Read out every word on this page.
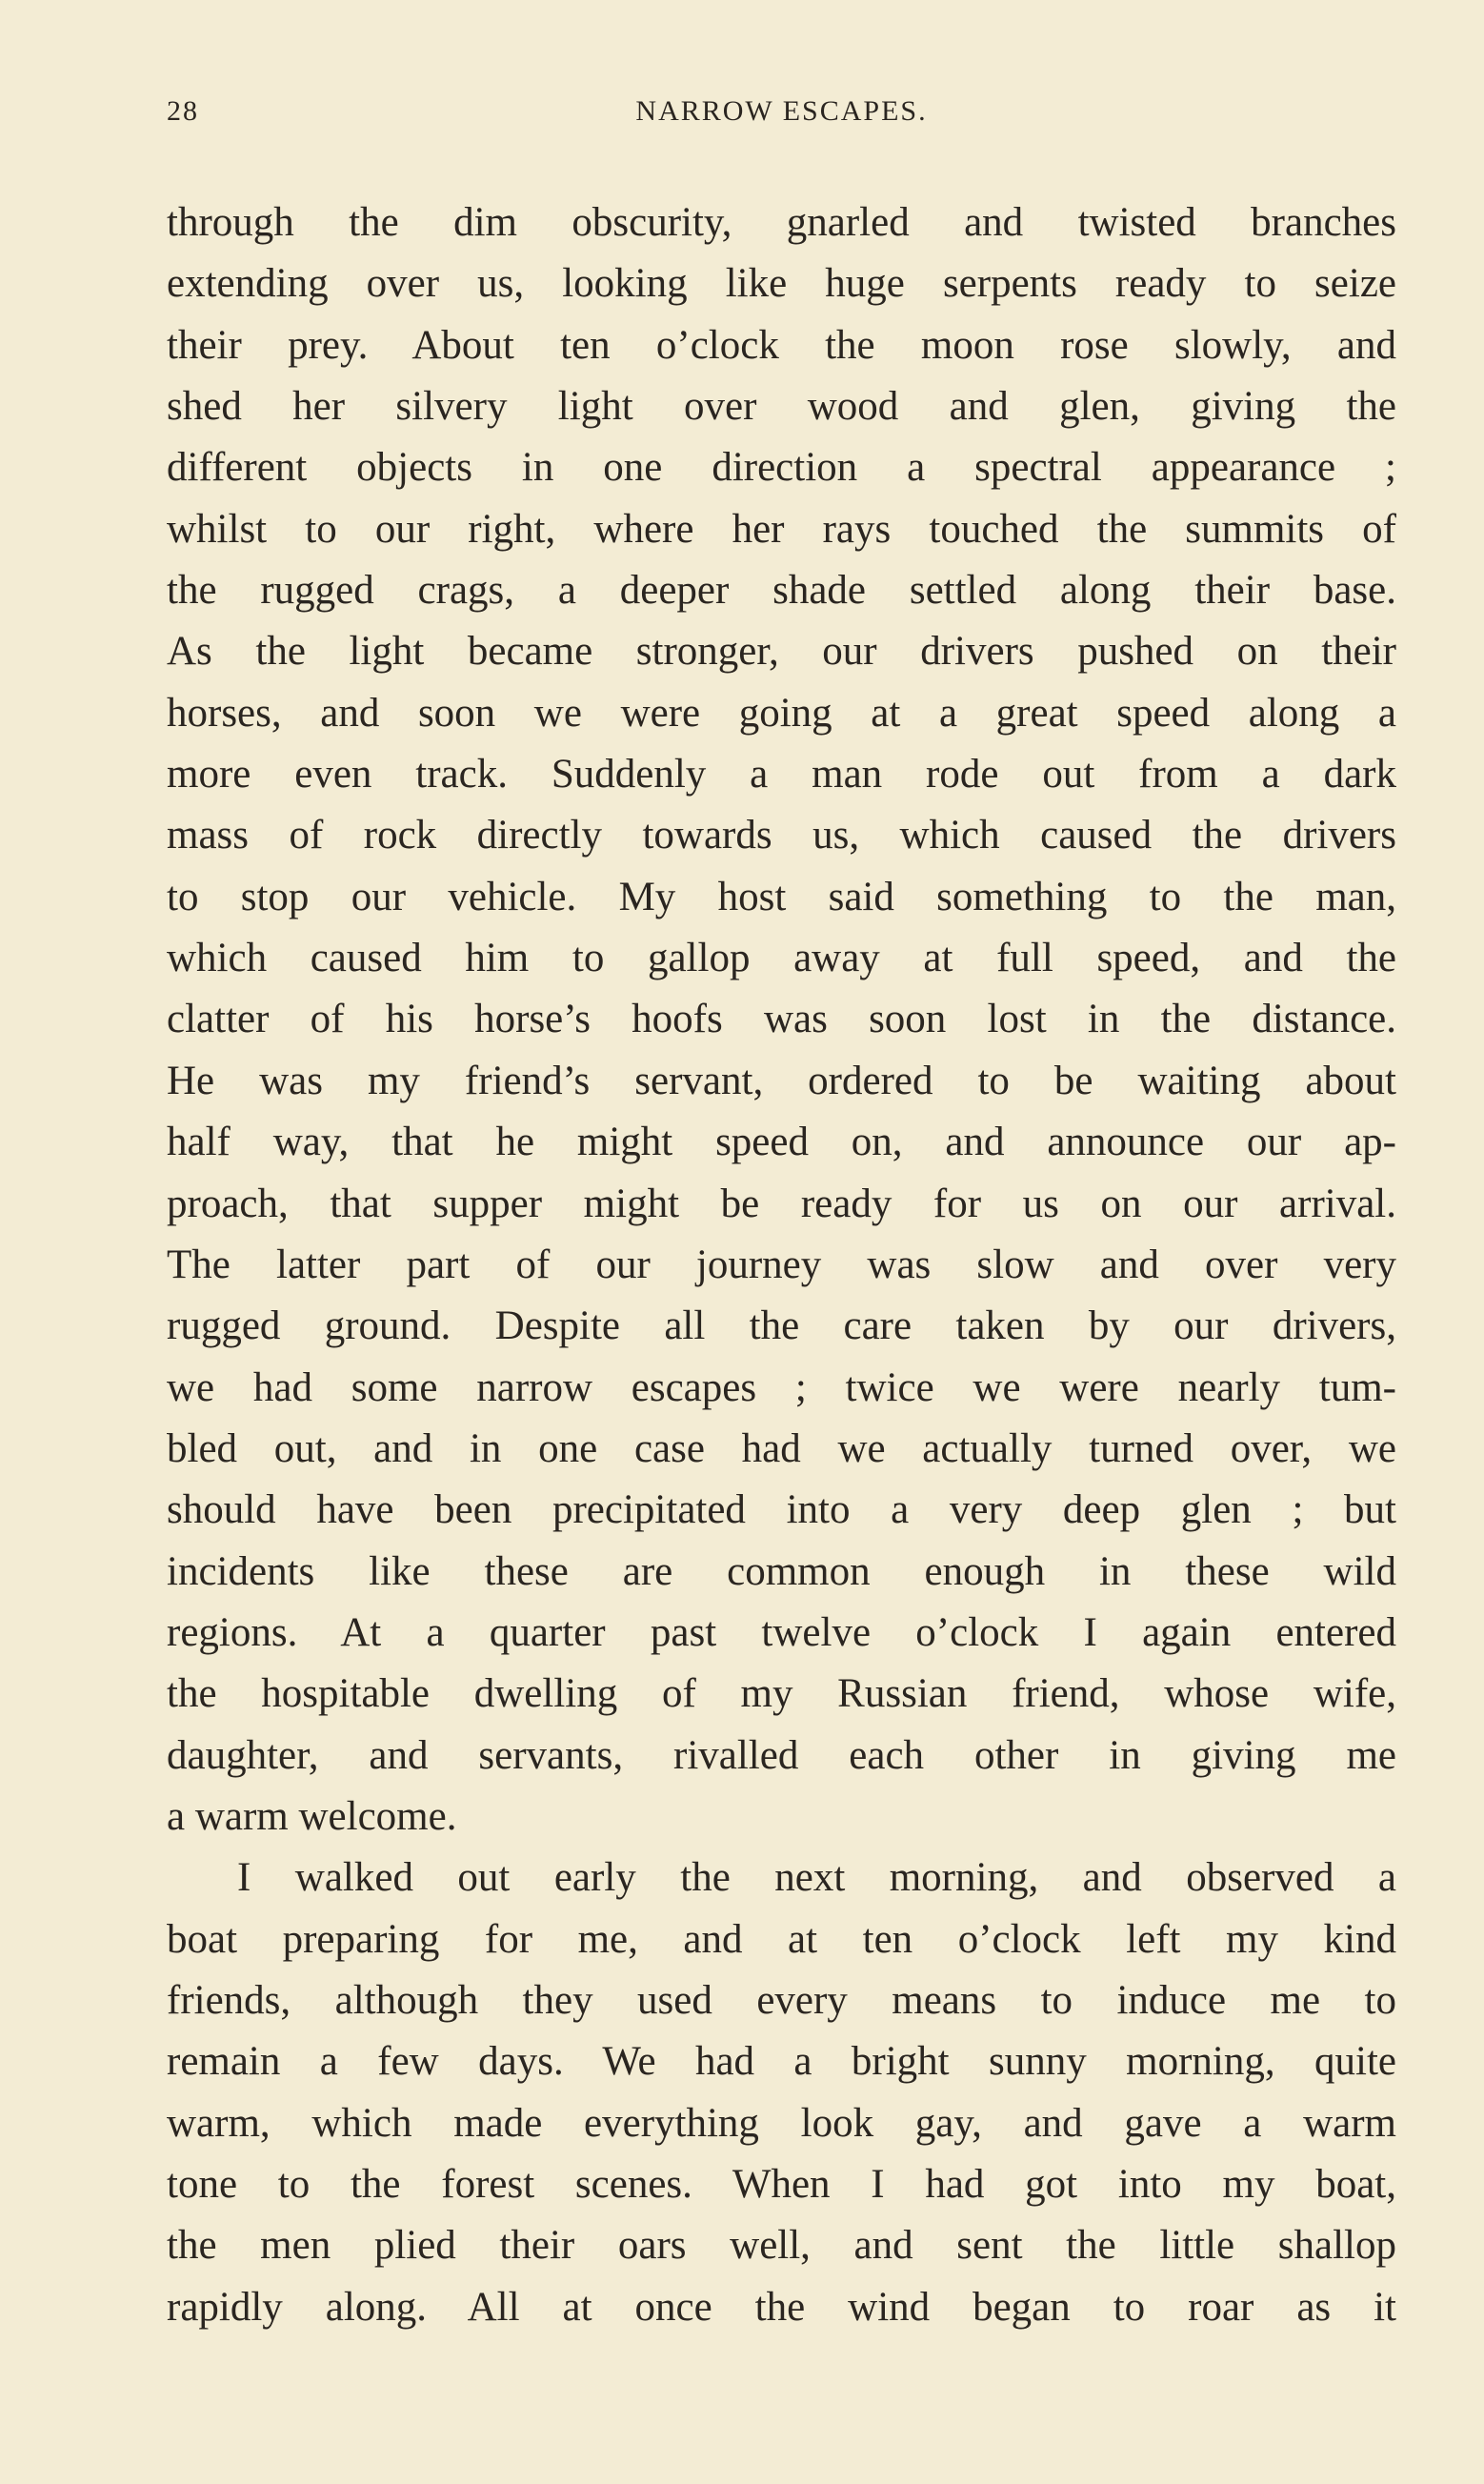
28	NARROW ESCAPES.
through the dim obscurity, gnarled and twisted branches
extending over us, looking like huge serpents ready to seize
their prey. About ten o’clock the moon rose slowly, and
shed her silvery light over wood and glen, giving the
different objects in one direction a spectral appearance ;
whilst to our right, where her rays touched the summits of
the rugged crags, a deeper shade settled along their base.
As the light became stronger, our drivers pushed on their
horses, and soon we were going at a great speed along a
more even track. Suddenly a man rode out from a dark
mass of rock directly towards us, which caused the drivers
to stop our vehicle. My host said something to the man,
which caused him to gallop away at full speed, and the
clatter of his horse’s hoofs was soon lost in the distance.
He was my friend’s servant, ordered to be waiting about
half way, that he might speed on, and announce our ap-
proach, that supper might be ready for us on our arrival.
The latter part of our journey was slow and over very
rugged ground. Despite all the care taken by our drivers,
we had some narrow escapes ; twice we were nearly tum-
bled out, and in one case had we actually turned over, we
should have been precipitated into a very deep glen ; but
incidents like these are common enough in these wild
regions. At a quarter past twelve o’clock I again entered
the hospitable dwelling of my Russian friend, whose wife,
daughter, and servants, rivalled each other in giving me
a warm welcome.
I walked out early the next morning, and observed a
boat preparing for me, and at ten o’clock left my kind
friends, although they used every means to induce me to
remain a few days. We had a bright sunny morning, quite
warm, which made everything look gay, and gave a warm
tone to the forest scenes. When I had got into my boat,
the men plied their oars well, and sent the little shallop
rapidly along. All at once the wind began to roar as it
